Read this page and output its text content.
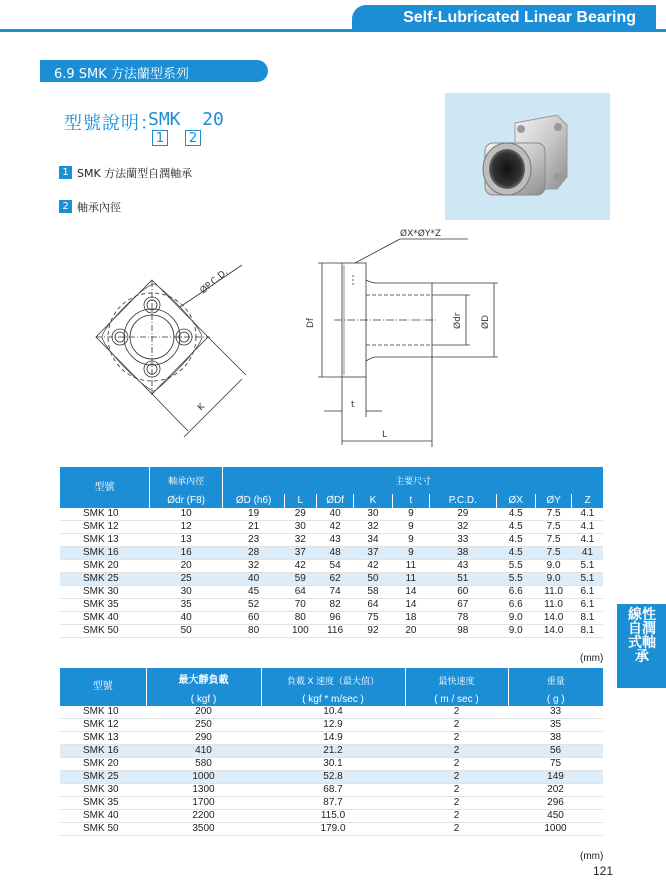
Self-Lubricated Linear Bearing
6.9 SMK 方法蘭型系列
型號說明：
SMK  20
1 2
1 SMK 方法蘭型自潤軸承
2 軸承內徑
ØP.C.D.
K
ØX*ØY*Z
Df	Ødr ØD
t
L
型號	軸承內徑	主要尺寸								
	Ødr (F8)	ØD (h6)	L	ØDf	K	t	P.C.D.	ØX	ØY	Z
SMK 10	10	19	29	40	30	9	29	4.5	7.5	4.1
SMK 12	12	21	30	42	32	9	32	4.5	7.5	4.1
SMK 13	13	23	32	43	34	9	33	4.5	7.5	4.1
SMK 16	16	28	37	48	37	9	38	4.5	7.5	41
SMK 20	20	32	42	54	42	11	43	5.5	9.0	5.1
SMK 25	25	40	59	62	50	11	51	5.5	9.0	5.1
SMK 30	30	45	64	74	58	14	60	6.6	11.0	6.1
SMK 35	35	52	70	82	64	14	67	6.6	11.0	6.1
SMK 40	40	60	80	96	75	18	78	9.0	14.0	8.1
SMK 50	50	80	100	116	92	20	98	9.0	14.0	8.1
(mm)
型號	最大靜負載	負載 X 速度（最大值）	最快速度	重量
	( kgf )	( kgf * m/sec )	( m / sec )	( g )
SMK 10	200	10.4	2	33
SMK 12	250	12.9	2	35
SMK 13	290	14.9	2	38
SMK 16	410	21.2	2	56
SMK 20	580	30.1	2	75
SMK 25	1000	52.8	2	149
SMK 30	1300	68.7	2	202
SMK 35	1700	87.7	2	296
SMK 40	2200	115.0	2	450
SMK 50	3500	179.0	2	1000
(mm)
線性自潤式軸承
121
